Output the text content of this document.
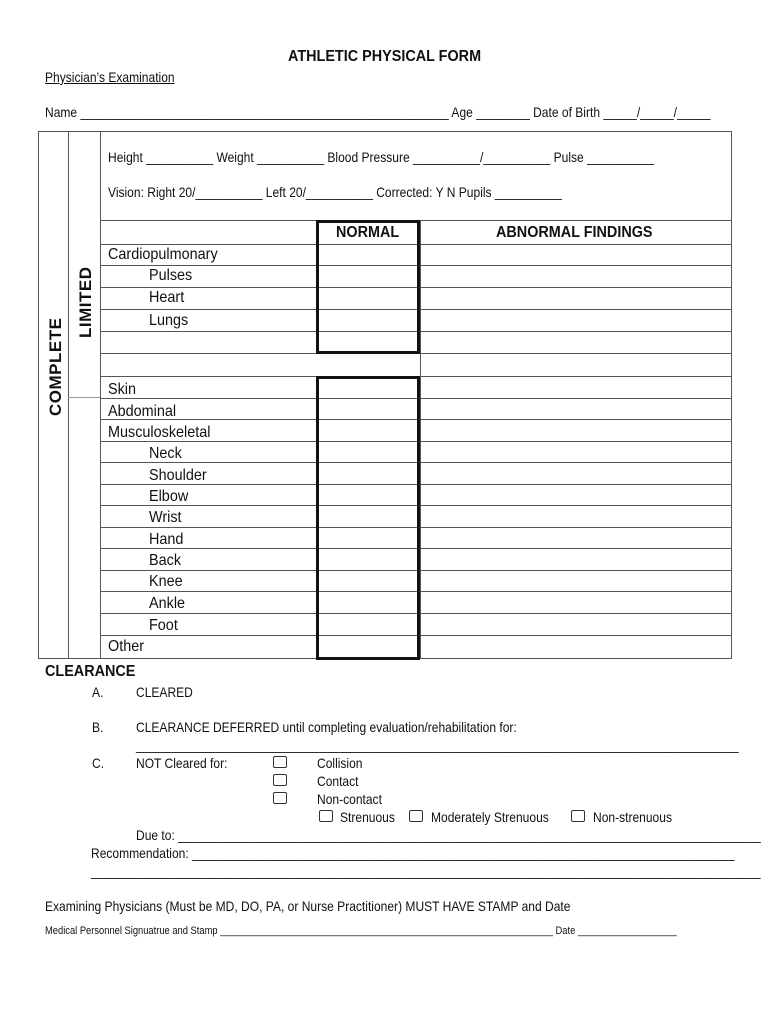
ATHLETIC PHYSICAL FORM
Physician’s Examination
Name _______________________________________________________ Age ________ Date of Birth _____/_____/_____
Height __________ Weight __________ Blood Pressure __________/__________ Pulse __________
Vision: Right 20/__________ Left 20/__________ Corrected: Y N Pupils __________
COMPLETE
LIMITED
NORMAL	ABNORMAL FINDINGS
Cardiopulmonary
Pulses
Heart
Lungs
Skin
Abdominal
Musculoskeletal
Neck
Shoulder
Elbow
Wrist
Hand
Back
Knee
Ankle
Foot
Other
CLEARANCE
A. CLEARED
B. CLEARANCE DEFERRED until completing evaluation/rehabilitation for:
__________________________________________________________________________________________
C. NOT Cleared for:	Collision
Contact
Non-contact
Strenuous	Moderately Strenuous	Non-strenuous
Due to: _______________________________________________________________________________________
Recommendation: _________________________________________________________________________________
____________________________________________________________________________________________________
Examining Physicians (Must be MD, DO, PA, or Nurse Practitioner) MUST HAVE STAMP and Date
Medical Personnel Signuatrue and Stamp ________________________________________________________________ Date ___________________
